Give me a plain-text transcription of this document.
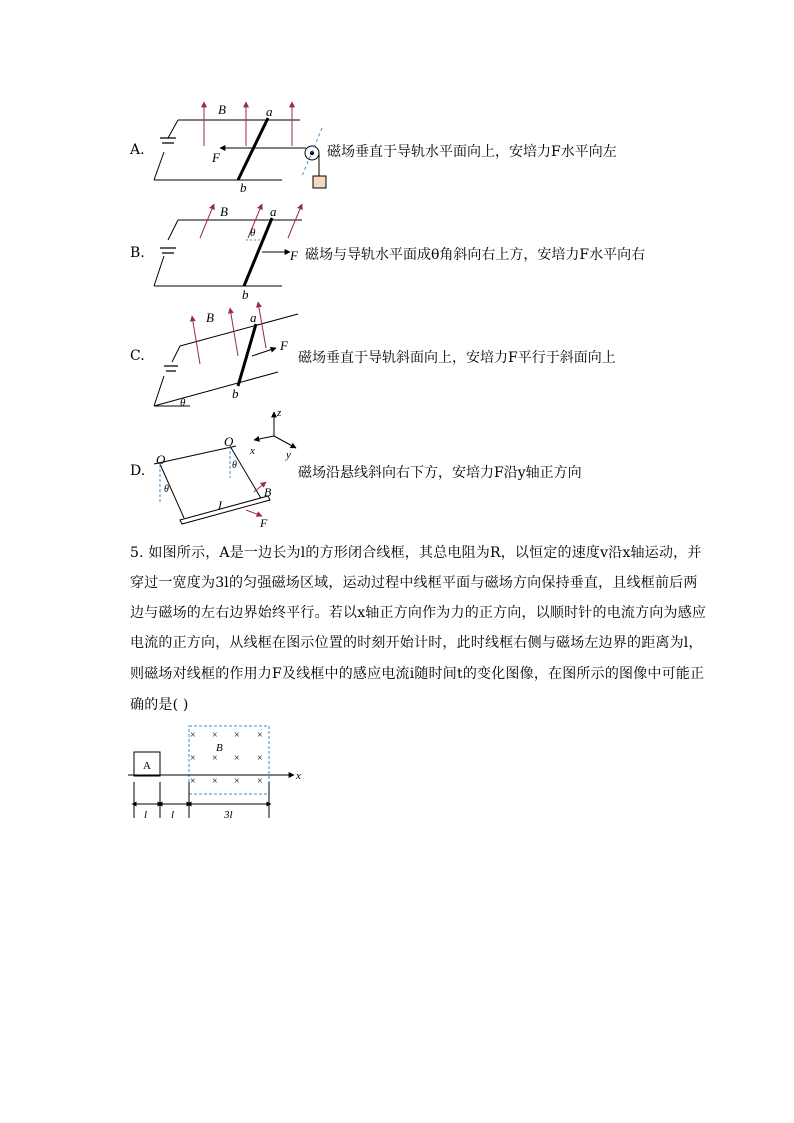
A.
B.
C.
D.
磁场垂直于导轨水平面向上，安培力F水平向左
磁场与导轨水平面成θ角斜向右上方，安培力F水平向右
磁场垂直于导轨斜面向上，安培力F平行于斜面向上
磁场沿悬线斜向右下方，安培力F沿y轴正方向
B	a
b
F
B	a
b
F
θ
B	a
b
F
θ
z
x	y
O
O
θ
θ
I
B
F
5. 如图所示，A是一边长为l的方形闭合线框，其总电阻为R，以恒定的速度v沿x轴运动，并
穿过一宽度为3l的匀强磁场区域，运动过程中线框平面与磁场方向保持垂直，且线框前后两
边与磁场的左右边界始终平行。若以x轴正方向作为力的正方向，以顺时针的电流方向为感应
电流的正方向，从线框在图示位置的时刻开始计时，此时线框右侧与磁场左边界的距离为l，
则磁场对线框的作用力F及线框中的感应电流i随时间t的变化图像，在图所示的图像中可能正
确的是( )
A
x
× × × ×
× × × ×
× × × ×
B
l l	3l
